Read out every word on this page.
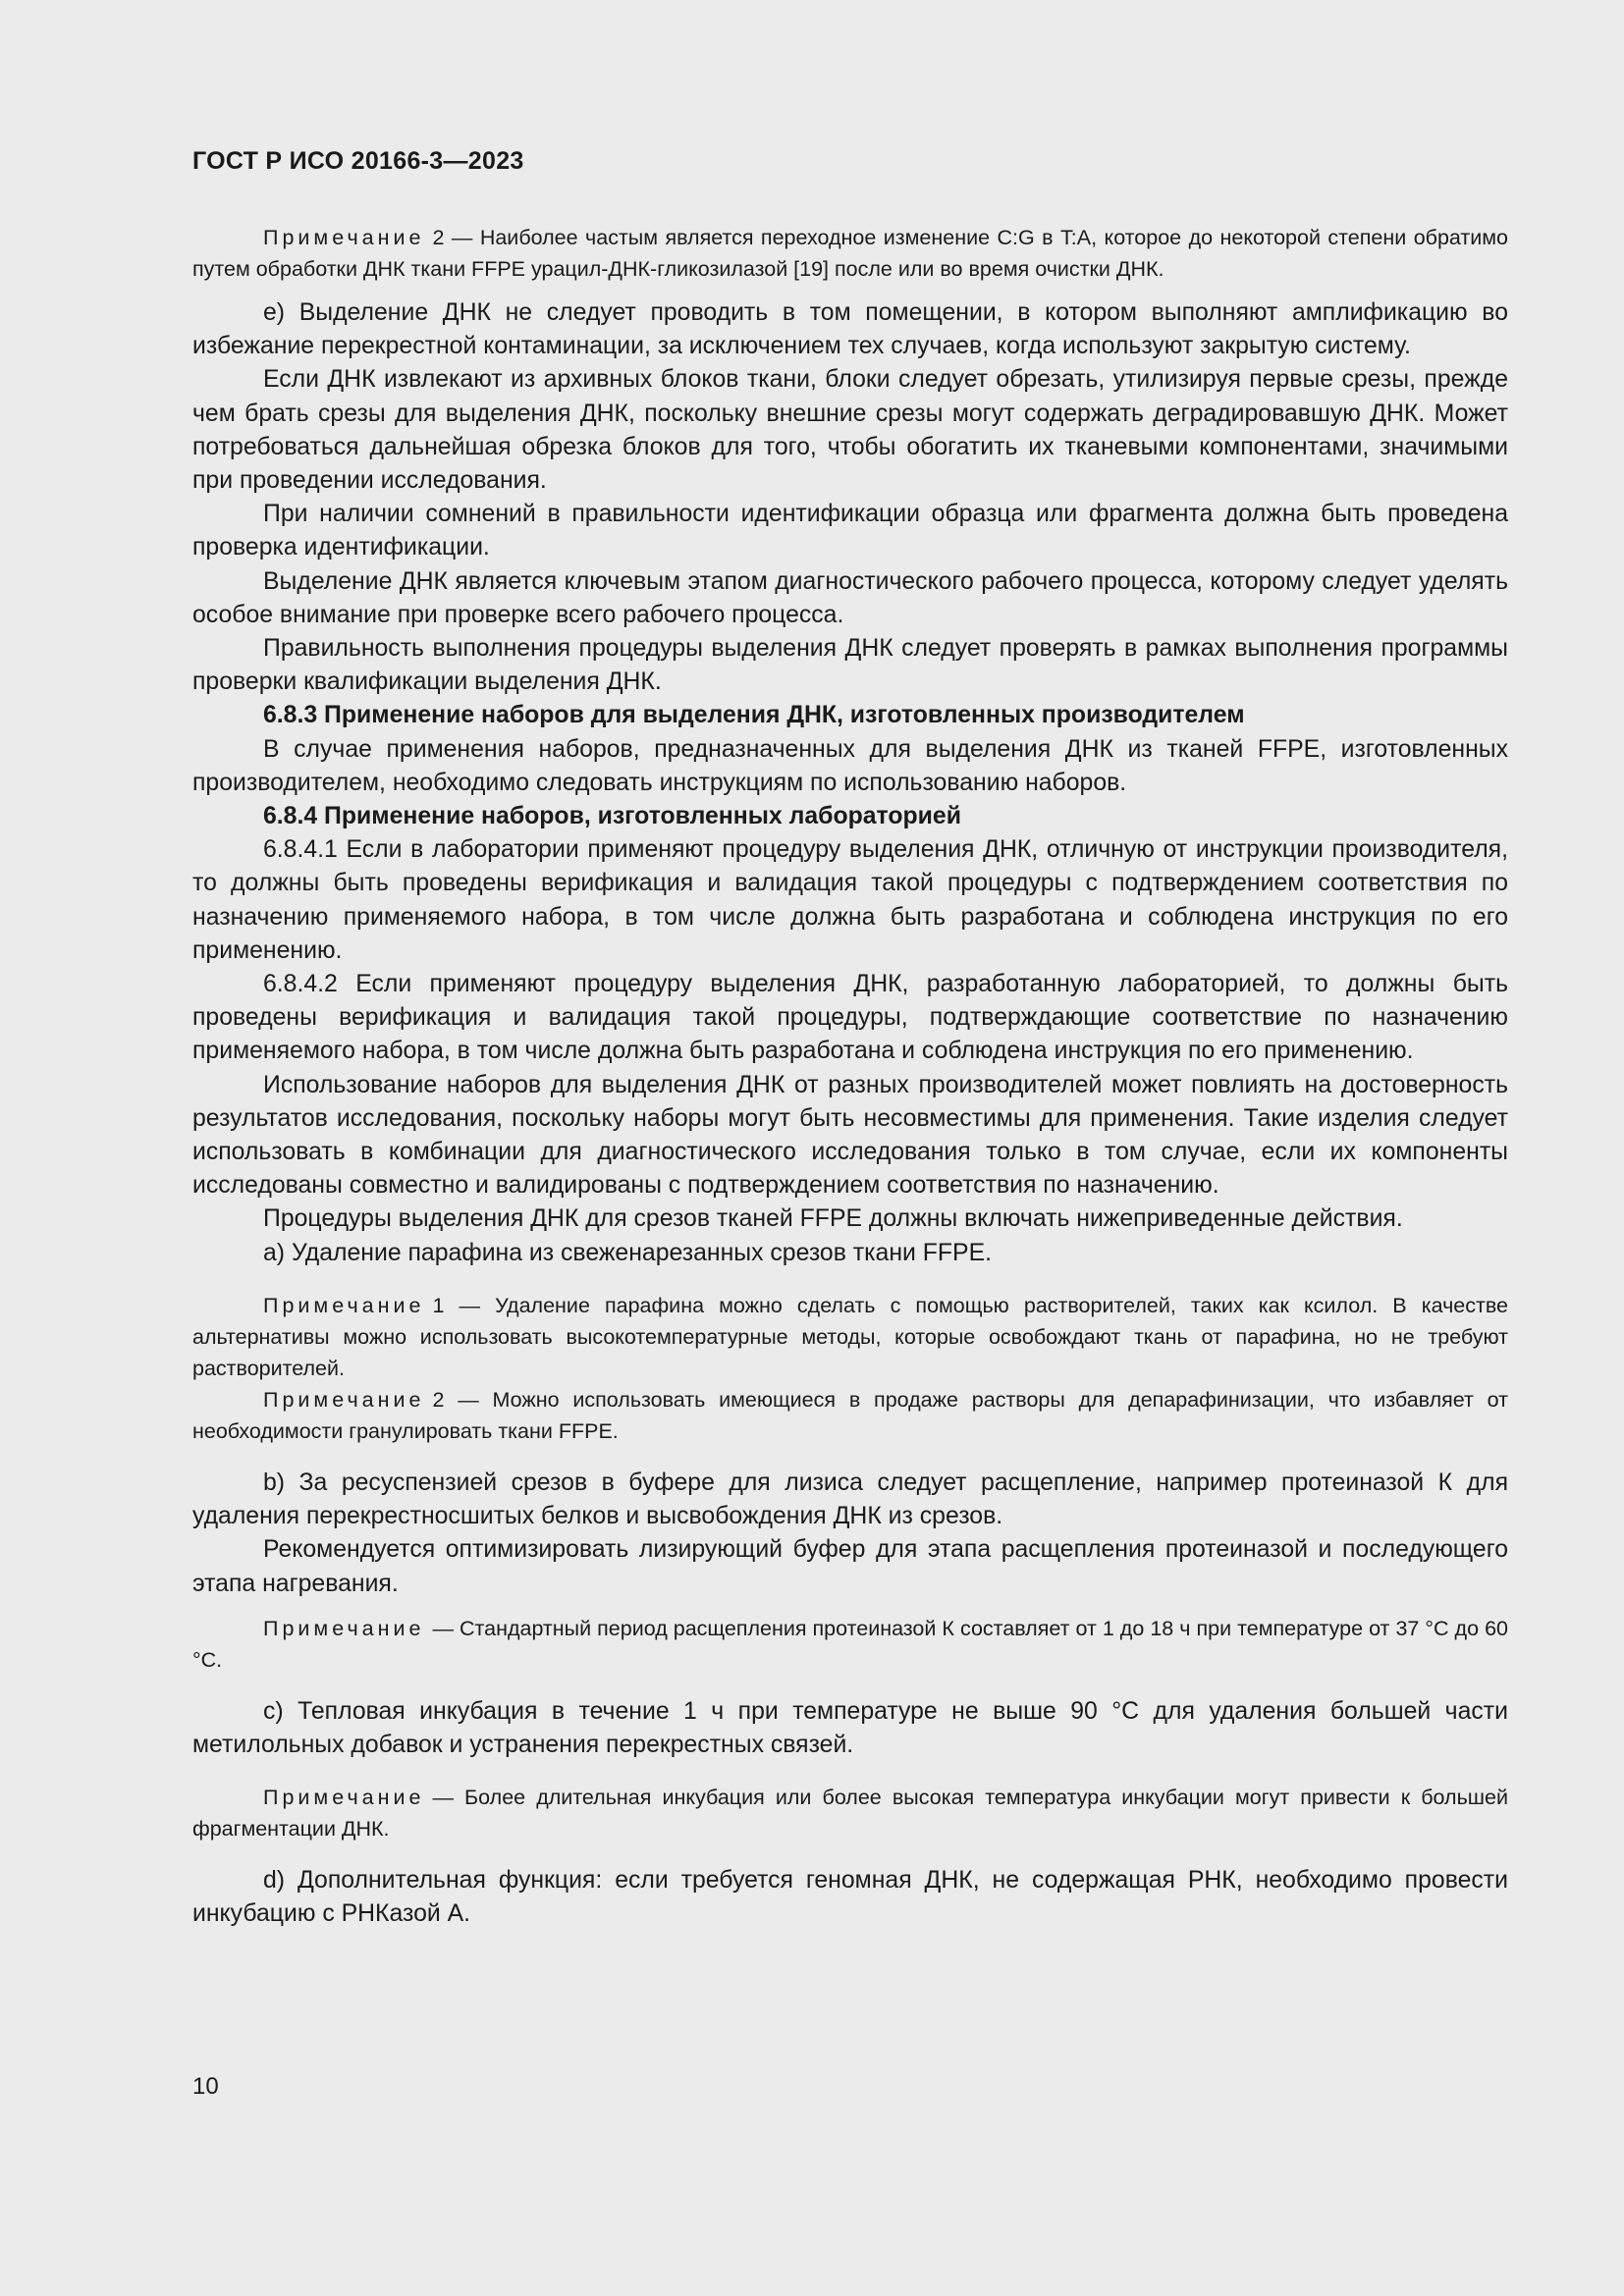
ГОСТ Р ИСО 20166-3—2023

Примечание 2 — Наиболее частым является переходное изменение C:G в T:A, которое до некоторой степени обратимо путем обработки ДНК ткани FFPE урацил-ДНК-гликозилазой [19] после или во время очистки ДНК.

e) Выделение ДНК не следует проводить в том помещении, в котором выполняют амплификацию во избежание перекрестной контаминации, за исключением тех случаев, когда используют закрытую систему.

Если ДНК извлекают из архивных блоков ткани, блоки следует обрезать, утилизируя первые срезы, прежде чем брать срезы для выделения ДНК, поскольку внешние срезы могут содержать деградировавшую ДНК. Может потребоваться дальнейшая обрезка блоков для того, чтобы обогатить их тканевыми компонентами, значимыми при проведении исследования.

При наличии сомнений в правильности идентификации образца или фрагмента должна быть проведена проверка идентификации.

Выделение ДНК является ключевым этапом диагностического рабочего процесса, которому следует уделять особое внимание при проверке всего рабочего процесса.

Правильность выполнения процедуры выделения ДНК следует проверять в рамках выполнения программы проверки квалификации выделения ДНК.

6.8.3 Применение наборов для выделения ДНК, изготовленных производителем

В случае применения наборов, предназначенных для выделения ДНК из тканей FFPE, изготовленных производителем, необходимо следовать инструкциям по использованию наборов.

6.8.4 Применение наборов, изготовленных лабораторией

6.8.4.1 Если в лаборатории применяют процедуру выделения ДНК, отличную от инструкции производителя, то должны быть проведены верификация и валидация такой процедуры с подтверждением соответствия по назначению применяемого набора, в том числе должна быть разработана и соблюдена инструкция по его применению.

6.8.4.2 Если применяют процедуру выделения ДНК, разработанную лабораторией, то должны быть проведены верификация и валидация такой процедуры, подтверждающие соответствие по назначению применяемого набора, в том числе должна быть разработана и соблюдена инструкция по его применению.

Использование наборов для выделения ДНК от разных производителей может повлиять на достоверность результатов исследования, поскольку наборы могут быть несовместимы для применения. Такие изделия следует использовать в комбинации для диагностического исследования только в том случае, если их компоненты исследованы совместно и валидированы с подтверждением соответствия по назначению.

Процедуры выделения ДНК для срезов тканей FFPE должны включать нижеприведенные действия.

a) Удаление парафина из свеженарезанных срезов ткани FFPE.

Примечание 1 — Удаление парафина можно сделать с помощью растворителей, таких как ксилол. В качестве альтернативы можно использовать высокотемпературные методы, которые освобождают ткань от парафина, но не требуют растворителей.

Примечание 2 — Можно использовать имеющиеся в продаже растворы для депарафинизации, что избавляет от необходимости гранулировать ткани FFPE.

b) За ресуспензией срезов в буфере для лизиса следует расщепление, например протеиназой К для удаления перекрестносшитых белков и высвобождения ДНК из срезов.

Рекомендуется оптимизировать лизирующий буфер для этапа расщепления протеиназой и последующего этапа нагревания.

Примечание — Стандартный период расщепления протеиназой К составляет от 1 до 18 ч при температуре от 37 °C до 60 °C.

c) Тепловая инкубация в течение 1 ч при температуре не выше 90 °C для удаления большей части метилольных добавок и устранения перекрестных связей.

Примечание — Более длительная инкубация или более высокая температура инкубации могут привести к большей фрагментации ДНК.

d) Дополнительная функция: если требуется геномная ДНК, не содержащая РНК, необходимо провести инкубацию с РНКазой А.

10
